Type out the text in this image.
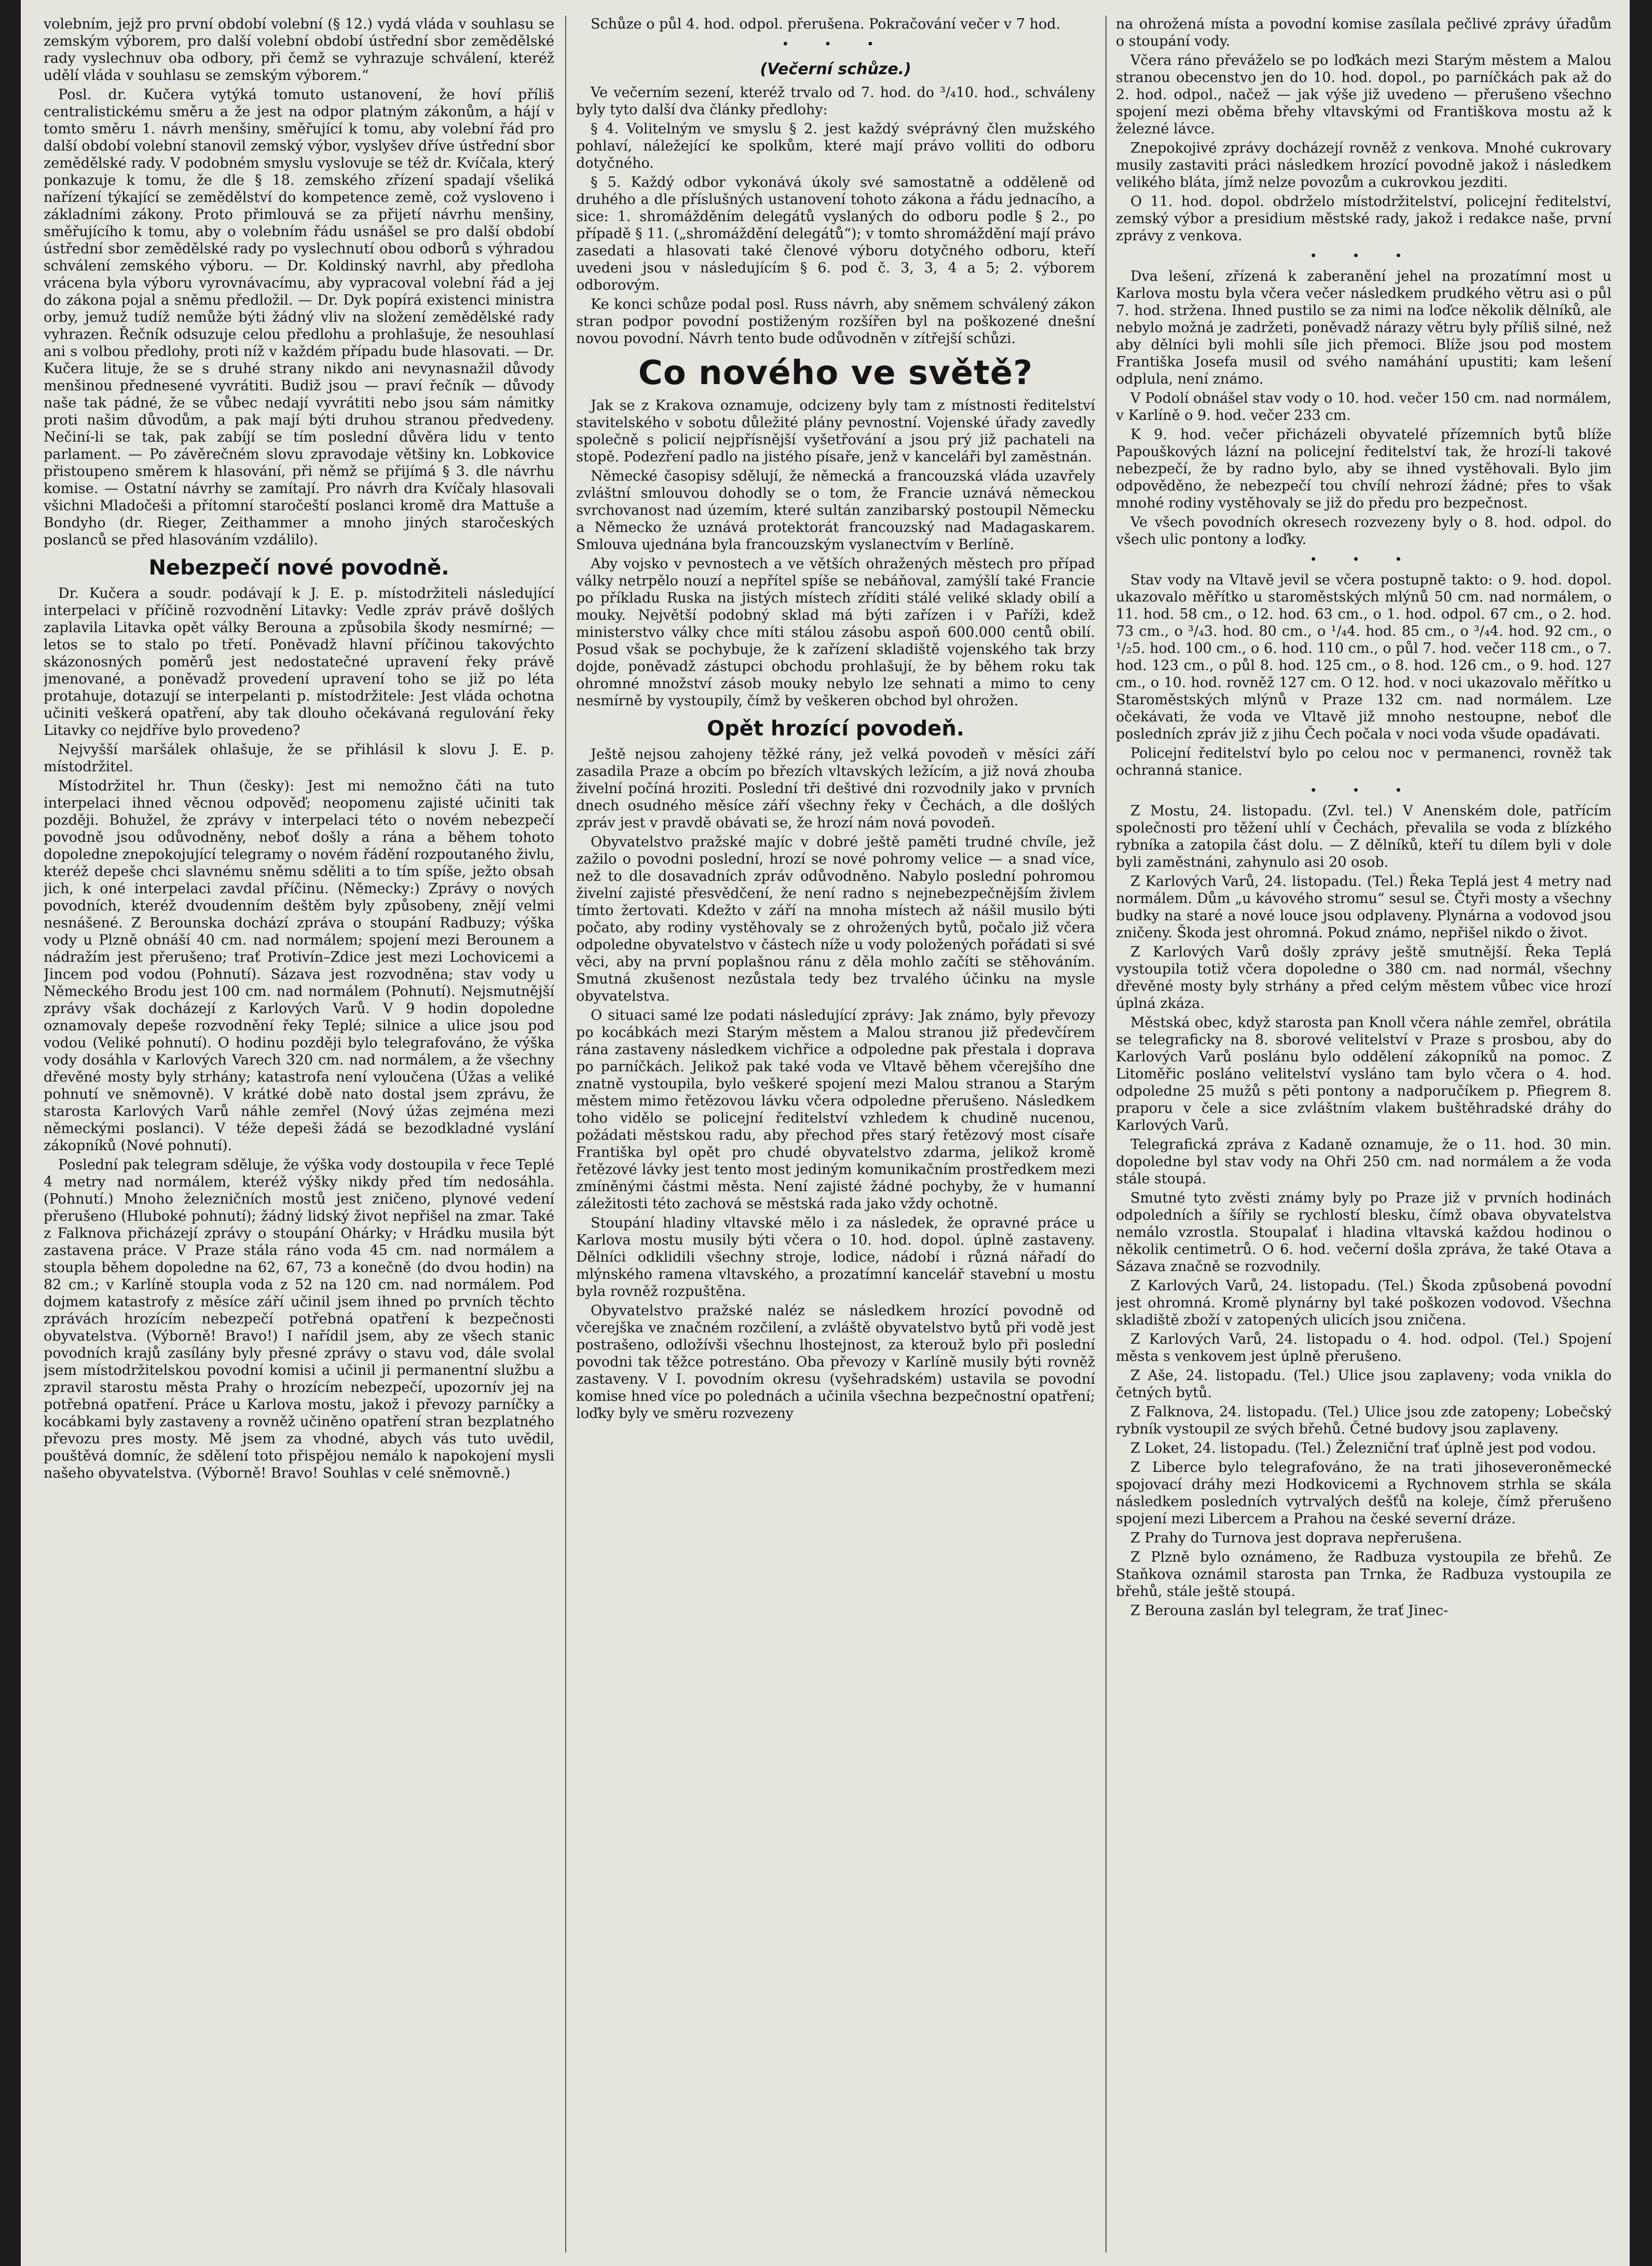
volebním, jejž pro první období volební (§ 12.) vydá vláda v souhlasu se zemským výborem, pro další volební období ústřední sbor zemědělské rady vyslechnuv oba odbory, při čemž se vyhrazuje schválení, kteréž udělí vláda v souhlasu se zemským výborem.“

Posl. dr. Kučera vytýká tomuto ustanovení, že hoví příliš centralistickému směru a že jest na odpor platným zákonům, a hájí v tomto směru 1. návrh menšiny, směřující k tomu, aby volební řád pro další období volební stanovil zemský výbor, vyslyšev dříve ústřední sbor zemědělské rady. V podobném smyslu vyslovuje se též dr. Kvíčala, který ponkazuje k tomu, že dle § 18. zemského zřízení spadají všeliká nařízení týkající se zemědělství do kompetence země, což vysloveno i základními zákony. Proto přimlouvá se za přijetí návrhu menšiny, směřujícího k tomu, aby o volebním řádu usnášel se pro další období ústřední sbor zemědělské rady po vyslechnutí obou odborů s výhradou schválení zemského výboru. — Dr. Koldinský navrhl, aby předloha vrácena byla výboru vyrovnávacímu, aby vypracoval volební řád a jej do zákona pojal a sněmu předložil. — Dr. Dyk popírá existenci ministra orby, jemuž tudíž nemůže býti žádný vliv na složení zemědělské rady vyhrazen. Řečník odsuzuje celou předlohu a prohlašuje, že nesouhlasí ani s volbou předlohy, proti níž v každém případu bude hlasovati. — Dr. Kučera lituje, že se s druhé strany nikdo ani nevynasnažil důvody menšinou přednesené vyvrátiti. Budiž jsou — praví řečník — důvody naše tak pádné, že se vůbec nedají vyvrátiti nebo jsou sám námitky proti našim důvodům, a pak mají býti druhou stranou předvedeny. Nečiní-li se tak, pak zabíjí se tím poslední důvěra lidu v tento parlament. — Po závěrečném slovu zpravodaje většiny kn. Lobkovice přistoupeno směrem k hlasování, při němž se přijímá § 3. dle návrhu komise. — Ostatní návrhy se zamítají. Pro návrh dra Kvíčaly hlasovali všichni Mladočeši a přítomní staročeští poslanci kromě dra Mattuše a Bondyho (dr. Rieger, Zeithammer a mnoho jiných staročeských poslanců se před hlasováním vzdálilo).

Nebezpečí nové povodně.

Dr. Kučera a soudr. podávají k J. E. p. místodržiteli následující interpelaci v příčině rozvodnění Litavky: Vedle zpráv právě došlých zaplavila Litavka opět války Berouna a způsobila škody nesmírné; — letos se to stalo po třetí. Poněvadž hlavní příčinou takovýchto skázonosných poměrů jest nedostatečné upravení řeky právě jmenované, a poněvadž provedení upravení toho se již po léta protahuje, dotazují se interpelanti p. místodržitele: Jest vláda ochotna učiniti veškerá opatření, aby tak dlouho očekávaná regulování řeky Litavky co nejdříve bylo provedeno?

Nejvyšší maršálek ohlašuje, že se přihlásil k slovu J. E. p. místodržitel.

Místodržitel hr. Thun (česky): Jest mi nemožno čáti na tuto interpelaci ihned věcnou odpověď; neopomenu zajisté učiniti tak později. Bohužel, že zprávy v interpelaci této o novém nebezpečí povodně jsou odůvodněny, neboť došly a rána a během tohoto dopoledne znepokojující telegramy o novém řádění rozpoutaného živlu, kteréž depeše chci slavnému sněmu sděliti a to tím spíše, ježto obsah jich, k oné interpelaci zavdal příčinu. (Německy:) Zprávy o nových povodních, kteréž dvoudenním deštěm byly způsobeny, znějí velmi nesnášené. Z Berounska dochází zpráva o stoupání Radbuzy; výška vody u Plzně obnáší 40 cm. nad normálem; spojení mezi Berounem a nádražím jest přerušeno; trať Protivín–Zdice jest mezi Lochovicemi a Jincem pod vodou (Pohnutí). Sázava jest rozvodněna; stav vody u Německého Brodu jest 100 cm. nad normálem (Pohnutí). Nejsmutnější zprávy však docházejí z Karlových Varů. V 9 hodin dopoledne oznamovaly depeše rozvodnění řeky Teplé; silnice a ulice jsou pod vodou (Veliké pohnutí). O hodinu později bylo telegrafováno, že výška vody dosáhla v Karlových Varech 320 cm. nad normálem, a že všechny dřevěné mosty byly strhány; katastrofa není vyloučena (Úžas a veliké pohnutí ve sněmovně). V krátké době nato dostal jsem zprávu, že starosta Karlových Varů náhle zemřel (Nový úžas zejména mezi německými poslanci). V téže depeši žádá se bezodkladné vyslání zákopníků (Nové pohnutí).

Poslední pak telegram sděluje, že výška vody dostoupila v řece Teplé 4 metry nad normálem, kteréž výšky nikdy před tím nedosáhla. (Pohnutí.) Mnoho železničních mostů jest zničeno, plynové vedení přerušeno (Hluboké pohnutí); žádný lidský život nepřišel na zmar. Také z Falknova přicházejí zprávy o stoupání Ohárky; v Hrádku musila být zastavena práce. V Praze stála ráno voda 45 cm. nad normálem a stoupla během dopoledne na 62, 67, 73 a konečně (do dvou hodin) na 82 cm.; v Karlíně stoupla voda z 52 na 120 cm. nad normálem. Pod dojmem katastrofy z měsíce září učinil jsem ihned po prvních těchto zprávách hrozícím nebezpečí potřebná opatření k bezpečnosti obyvatelstva. (Výborně! Bravo!) I nařídil jsem, aby ze všech stanic povodních krajů zasílány byly přesné zprávy o stavu vod, dále svolal jsem místodržitelskou povodní komisi a učinil ji permanentní službu a zpravil starostu města Prahy o hrozícím nebezpečí, upozornív jej na potřebná opatření. Práce u Karlova mostu, jakož i převozy parníčky a kocábkami byly zastaveny a rovněž učiněno opatření stran bezplatného převozu pres mosty. Mě jsem za vhodné, abych vás tuto uvědil, pouštěvá domníc, že sdělení toto přispějou nemálo k napokojení mysli našeho obyvatelstva. (Výborně! Bravo! Souhlas v celé sněmovně.)

Schůze o půl 4. hod. odpol. přerušena. Pokračování večer v 7 hod.

• • •
(Večerní schůze.)

Ve večerním sezení, kteréž trvalo od 7. hod. do ³/₄10. hod., schváleny byly tyto další dva články předlohy:

§ 4. Volitelným ve smyslu § 2. jest každý svéprávný člen mužského pohlaví, náležející ke spolkům, které mají právo volliti do odboru dotyčného.

§ 5. Každý odbor vykonává úkoly své samostatně a odděleně od druhého a dle příslušných ustanovení tohoto zákona a řádu jednacího, a sice: 1. shromážděním delegátů vyslaných do odboru podle § 2., po případě § 11. („shromáždění delegátů“); v tomto shromáždění mají právo zasedati a hlasovati také členové výboru dotyčného odboru, kteří uvedeni jsou v následujícím § 6. pod č. 3, 3, 4 a 5; 2. výborem odborovým.

Ke konci schůze podal posl. Russ návrh, aby sněmem schválený zákon stran podpor povodní postiženým rozšířen byl na poškozené dnešní novou povodní. Návrh tento bude odůvodněn v zítřejší schůzi.

Co nového ve světě?

Jak se z Krakova oznamuje, odcizeny byly tam z místnosti ředitelství stavitelského v sobotu důležité plány pevnostní. Vojenské úřady zavedly společně s policií nejpřísnější vyšetřování a jsou prý již pachateli na stopě. Podezření padlo na jistého písaře, jenž v kanceláři byl zaměstnán.

Německé časopisy sdělují, že německá a francouzská vláda uzavřely zvláštní smlouvou dohodly se o tom, že Francie uznává německou svrchovanost nad územím, které sultán zanzibarský postoupil Německu a Německo že uznává protektorát francouzský nad Madagaskarem. Smlouva ujednána byla francouzským vyslanectvím v Berlíně.

Aby vojsko v pevnostech a ve větších ohražených městech pro případ války netrpělo nouzí a nepřítel spíše se nebáňoval, zamýšlí také Francie po příkladu Ruska na jistých místech zříditi stálé veliké sklady obilí a mouky. Největší podobný sklad má býti zařízen i v Paříži, kdež ministerstvo války chce míti stálou zásobu aspoň 600.000 centů obilí. Posud však se pochybuje, že k zařízení skladiště vojenského tak brzy dojde, poněvadž zástupci obchodu prohlašují, že by během roku tak ohromné množství zásob mouky nebylo lze sehnati a mimo to ceny nesmírně by vystoupily, čímž by veškeren obchod byl ohrožen.

Opět hrozící povodeň.

Ještě nejsou zahojeny těžké rány, jež velká povodeň v měsíci září zasadila Praze a obcím po březích vltavských ležícím, a již nová zhouba živelní počíná hroziti. Poslední tři deštivé dni rozvodnily jako v prvních dnech osudného měsíce září všechny řeky v Čechách, a dle došlých zpráv jest v pravdě obávati se, že hrozí nám nová povodeň.

Obyvatelstvo pražské majíc v dobré ještě paměti trudné chvíle, jež zažilo o povodni poslední, hrozí se nové pohromy velice — a snad více, než to dle dosavadních zpráv odůvodněno. Nabylo poslední pohromou živelní zajisté přesvědčení, že není radno s nejnebezpečnějším živlem tímto žertovati. Kdežto v září na mnoha místech až nášil musilo býti počato, aby rodiny vystěhovaly se z ohrožených bytů, počalo již včera odpoledne obyvatelstvo v částech níže u vody položených pořádati si své věci, aby na první poplašnou ránu z děla mohlo začíti se stěhováním. Smutná zkušenost nezůstala tedy bez trvalého účinku na mysle obyvatelstva.

O situaci samé lze podati následující zprávy: Jak známo, byly převozy po kocábkách mezi Starým městem a Malou stranou již předevčírem rána zastaveny následkem vichřice a odpoledne pak přestala i doprava po parníčkách. Jelikož pak také voda ve Vltavě během včerejšího dne znatně vystoupila, bylo veškeré spojení mezi Malou stranou a Starým městem mimo řetězovou lávku včera odpoledne přerušeno. Následkem toho vidělo se policejní ředitelství vzhledem k chudině nucenou, požádati městskou radu, aby přechod přes starý řetězový most císaře Františka byl opět pro chudé obyvatelstvo zdarma, jelikož kromě řetězové lávky jest tento most jediným komunikačním prostředkem mezi zmíněnými částmi města. Není zajisté žádné pochyby, že v humanní záležitosti této zachová se městská rada jako vždy ochotně.

Stoupání hladiny vltavské mělo i za následek, že opravné práce u Karlova mostu musily býti včera o 10. hod. dopol. úplně zastaveny. Dělníci odklidili všechny stroje, lodice, nádobí i různá nářadí do mlýnského ramena vltavského, a prozatímní kancelář stavební u mostu byla rovněž rozpuštěna.

Obyvatelstvo pražské naléz se následkem hrozící povodně od včerejška ve značném rozčilení, a zvláště obyvatelstvo bytů při vodě jest postrašeno, odložívši všechnu lhostejnost, za kterouž bylo při poslední povodni tak těžce potrestáno. Oba převozy v Karlíně musily býti rovněž zastaveny. V I. povodním okresu (vyšehradském) ustavila se povodní komise hned více po polednách a učinila všechna bezpečnostní opatření; loďky byly ve směru rozvezeny

na ohrožená místa a povodní komise zasílala pečlivé zprávy úřadům o stoupání vody.

Včera ráno převáželo se po loďkách mezi Starým městem a Malou stranou obecenstvo jen do 10. hod. dopol., po parníčkách pak až do 2. hod. odpol., načež — jak výše již uvedeno — přerušeno všechno spojení mezi oběma břehy vltavskými od Františkova mostu až k železné lávce.

Znepokojivé zprávy docházejí rovněž z venkova. Mnohé cukrovary musily zastaviti práci následkem hrozící povodně jakož i následkem velikého bláta, jímž nelze povozům a cukrovkou jezditi.

O 11. hod. dopol. obdrželo místodržitelství, policejní ředitelství, zemský výbor a presidium městské rady, jakož i redakce naše, první zprávy z venkova.

• • •

Dva lešení, zřízená k zaberanění jehel na prozatímní most u Karlova mostu byla včera večer následkem prudkého větru asi o půl 7. hod. stržena. Ihned pustilo se za nimi na loďce několik dělníků, ale nebylo možná je zadržeti, poněvadž nárazy větru byly příliš silné, než aby dělníci byli mohli síle jich přemoci. Blíže jsou pod mostem Františka Josefa musil od svého namáhání upustiti; kam lešení odplula, není známo.

V Podolí obnášel stav vody o 10. hod. večer 150 cm. nad normálem, v Karlíně o 9. hod. večer 233 cm.

K 9. hod. večer přicházeli obyvatelé přízemních bytů blíže Papouškových lázní na policejní ředitelství tak, že hrozí-li takové nebezpečí, že by radno bylo, aby se ihned vystěhovali. Bylo jim odpověděno, že nebezpečí tou chvílí nehrozí žádné; přes to však mnohé rodiny vystěhovaly se již do předu pro bezpečnost.

Ve všech povodních okresech rozvezeny byly o 8. hod. odpol. do všech ulic pontony a loďky.

• • •

Stav vody na Vltavě jevil se včera postupně takto: o 9. hod. dopol. ukazovalo měřítko u staroměstských mlýnů 50 cm. nad normálem, o 11. hod. 58 cm., o 12. hod. 63 cm., o 1. hod. odpol. 67 cm., o 2. hod. 73 cm., o ³/₄3. hod. 80 cm., o ¹/₄4. hod. 85 cm., o ³/₄4. hod. 92 cm., o ¹/₂5. hod. 100 cm., o 6. hod. 110 cm., o půl 7. hod. večer 118 cm., o 7. hod. 123 cm., o půl 8. hod. 125 cm., o 8. hod. 126 cm., o 9. hod. 127 cm., o 10. hod. rovněž 127 cm. O 12. hod. v noci ukazovalo měřítko u Staroměstských mlýnů v Praze 132 cm. nad normálem. Lze očekávati, že voda ve Vltavě již mnoho nestoupne, neboť dle posledních zpráv již z jihu Čech počala v noci voda všude opadávati.

Policejní ředitelství bylo po celou noc v permanenci, rovněž tak ochranná stanice.

• • •

Z Mostu, 24. listopadu. (Zvl. tel.) V Anenském dole, patřícím společnosti pro těžení uhlí v Čechách, převalila se voda z blízkého rybníka a zatopila část dolu. — Z dělníků, kteří tu dílem byli v dole byli zaměstnáni, zahynulo asi 20 osob.

Z Karlových Varů, 24. listopadu. (Tel.) Řeka Teplá jest 4 metry nad normálem. Dům „u kávového stromu“ sesul se. Čtyři mosty a všechny budky na staré a nové louce jsou odplaveny. Plynárna a vodovod jsou zničeny. Škoda jest ohromná. Pokud známo, nepřišel nikdo o život.

Z Karlových Varů došly zprávy ještě smutnější. Řeka Teplá vystoupila totiž včera dopoledne o 380 cm. nad normál, všechny dřevěné mosty byly strhány a před celým městem vůbec vice hrozí úplná zkáza.

Městská obec, když starosta pan Knoll včera náhle zemřel, obrátila se telegraficky na 8. sborové velitelství v Praze s prosbou, aby do Karlových Varů poslánu bylo oddělení zákopníků na pomoc. Z Litoměřic posláno velitelství vysláno tam bylo včera o 4. hod. odpoledne 25 mužů s pěti pontony a nadporučíkem p. Pfiegrem 8. praporu v čele a sice zvláštním vlakem buštěhradské dráhy do Karlových Varů.

Telegrafická zpráva z Kadaně oznamuje, že o 11. hod. 30 min. dopoledne byl stav vody na Ohři 250 cm. nad normálem a že voda stále stoupá.

Smutné tyto zvěsti známy byly po Praze již v prvních hodinách odpoledních a šířily se rychlostí blesku, čímž obava obyvatelstva nemálo vzrostla. Stoupalať i hladina vltavská každou hodinou o několik centimetrů. O 6. hod. večerní došla zpráva, že také Otava a Sázava značně se rozvodnily.

Z Karlových Varů, 24. listopadu. (Tel.) Škoda způsobená povodní jest ohromná. Kromě plynárny byl také poškozen vodovod. Všechna skladiště zboží v zatopených ulicích jsou zničena.

Z Karlových Varů, 24. listopadu o 4. hod. odpol. (Tel.) Spojení města s venkovem jest úplně přerušeno.

Z Aše, 24. listopadu. (Tel.) Ulice jsou zaplaveny; voda vnikla do četných bytů.

Z Falknova, 24. listopadu. (Tel.) Ulice jsou zde zatopeny; Lobečský rybník vystoupil ze svých břehů. Četné budovy jsou zaplaveny.

Z Loket, 24. listopadu. (Tel.) Železniční trať úplně jest pod vodou.

Z Liberce bylo telegrafováno, že na trati jihoseveroněmecké spojovací dráhy mezi Hodkovicemi a Rychnovem strhla se skála následkem posledních vytrvalých dešťů na koleje, čímž přerušeno spojení mezi Libercem a Prahou na české severní dráze.

Z Prahy do Turnova jest doprava nepřerušena.

Z Plzně bylo oznámeno, že Radbuza vystoupila ze břehů. Ze Staňkova oznámil starosta pan Trnka, že Radbuza vystoupila ze břehů, stále ještě stoupá.

Z Berouna zaslán byl telegram, že trať Jinec-
